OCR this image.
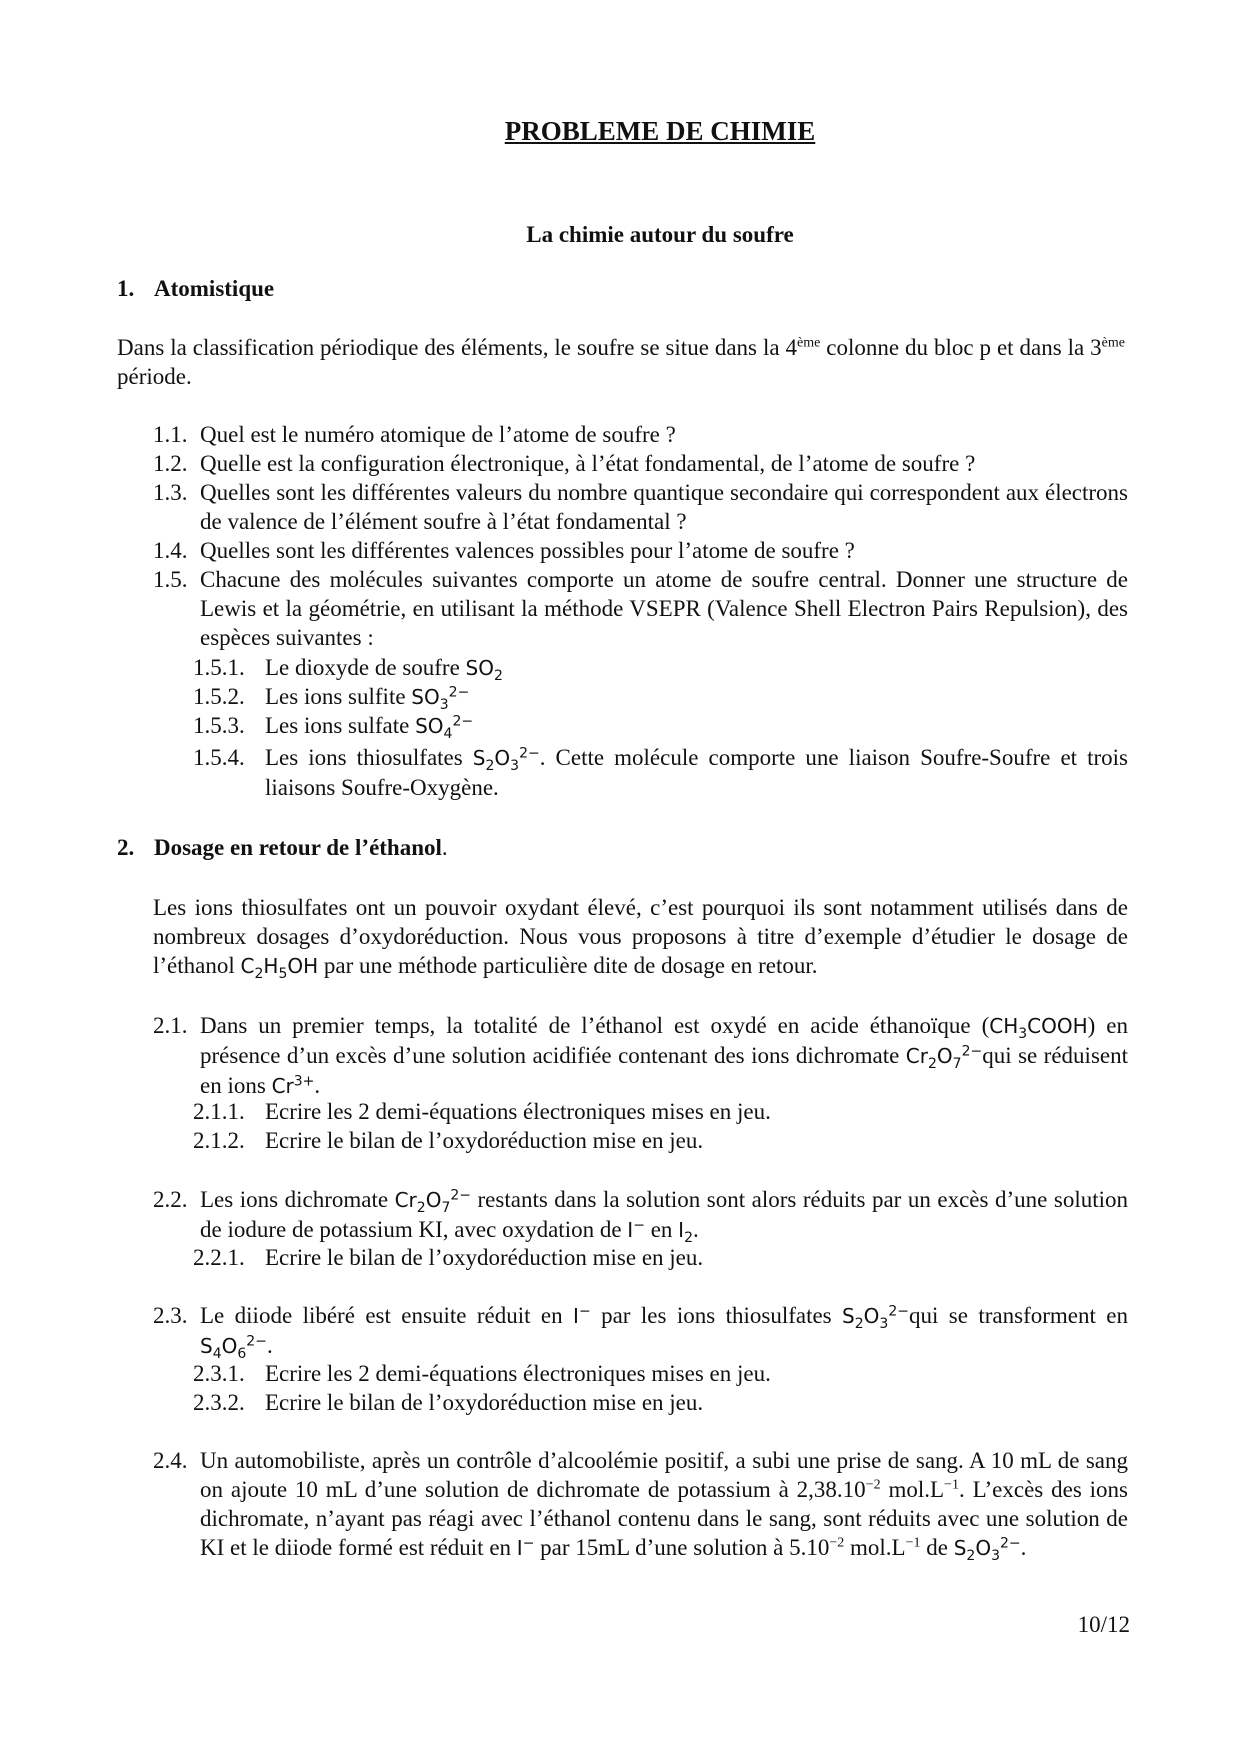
PROBLEME DE CHIMIE
La chimie autour du soufre
1. Atomistique
Dans la classification périodique des éléments, le soufre se situe dans la 4ème colonne du bloc p et dans la 3ème période.
1.1. Quel est le numéro atomique de l’atome de soufre ?
1.2. Quelle est la configuration électronique, à l’état fondamental, de l’atome de soufre ?
1.3. Quelles sont les différentes valeurs du nombre quantique secondaire qui correspondent aux électrons de valence de l’élément soufre à l’état fondamental ?
1.4. Quelles sont les différentes valences possibles pour l’atome de soufre ?
1.5. Chacune des molécules suivantes comporte un atome de soufre central. Donner une structure de Lewis et la géométrie, en utilisant la méthode VSEPR (Valence Shell Electron Pairs Repulsion), des espèces suivantes :
1.5.1. Le dioxyde de soufre $SO_2$
1.5.2. Les ions sulfite $SO_3^{2-}$
1.5.3. Les ions sulfate $SO_4^{2-}$
1.5.4. Les ions thiosulfates $S_2O_3^{2-}$. Cette molécule comporte une liaison Soufre-Soufre et trois liaisons Soufre-Oxygène.
2. Dosage en retour de l’éthanol.
Les ions thiosulfates ont un pouvoir oxydant élevé, c’est pourquoi ils sont notamment utilisés dans de nombreux dosages d’oxydoréduction. Nous vous proposons à titre d’exemple d’étudier le dosage de l’éthanol $C_2H_5OH$ par une méthode particulière dite de dosage en retour.
2.1. Dans un premier temps, la totalité de l’éthanol est oxydé en acide éthanoïque $(CH_3COOH)$ en présence d’un excès d’une solution acidifiée contenant des ions dichromate $Cr_2O_7^{2-}qui$ se réduisent en ions $Cr^{3+}$.
2.1.1. Ecrire les 2 demi-équations électroniques mises en jeu.
2.1.2. Ecrire le bilan de l’oxydoréduction mise en jeu.
2.2. Les ions dichromate $Cr_2O_7^{2-}$ restants dans la solution sont alors réduits par un excès d’une solution de iodure de potassium KI, avec oxydation de I− en $I_2$.
2.2.1. Ecrire le bilan de l’oxydoréduction mise en jeu.
2.3. Le diiode libéré est ensuite réduit en I− par les ions thiosulfates $S_2O_3^{2-}qui$ se transforment en $S_4O_6^{2-}$.
2.3.1. Ecrire les 2 demi-équations électroniques mises en jeu.
2.3.2. Ecrire le bilan de l’oxydoréduction mise en jeu.
2.4. Un automobiliste, après un contrôle d’alcoolémie positif, a subi une prise de sang. A 10 mL de sang on ajoute 10 mL d’une solution de dichromate de potassium à $2,38.10^{-2}$ $mol.L^{-1}$. L’excès des ions dichromate, n’ayant pas réagi avec l’éthanol contenu dans le sang, sont réduits avec une solution de KI et le diiode formé est réduit en I− par 15mL d’une solution à $5.10^{-2}$ $mol.L^{-1}$ de $S_2O_3^{2-}$.
10/12
